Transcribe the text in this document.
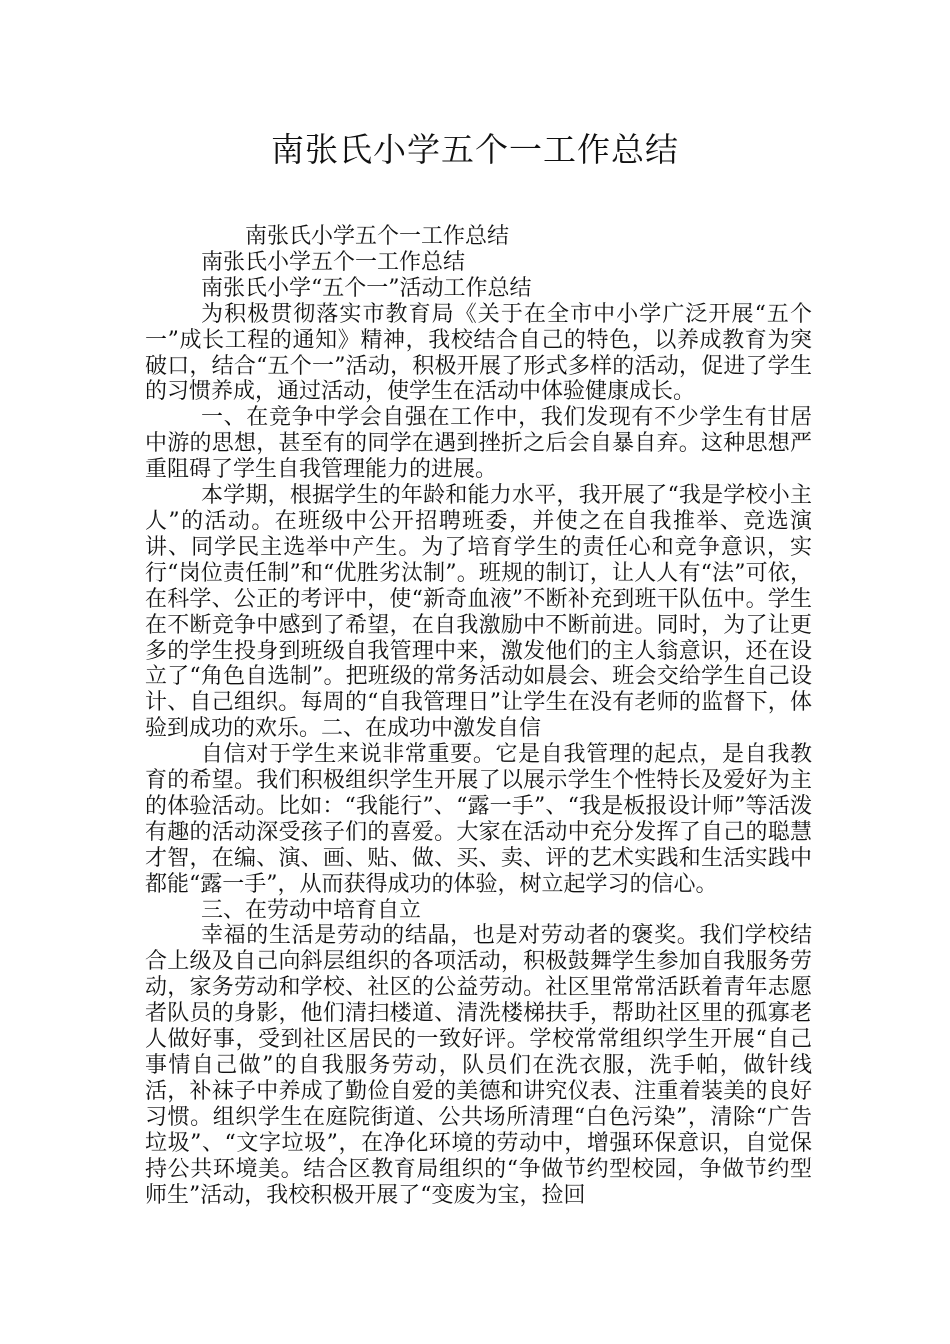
南张氏小学五个一工作总结

南张氏小学五个一工作总结

南张氏小学五个一工作总结

南张氏小学“五个一”活动工作总结

为积极贯彻落实市教育局《关于在全市中小学广泛开展“五个一”成长工程的通知》精神，我校结合自己的特色，以养成教育为突破口，结合“五个一”活动，积极开展了形式多样的活动，促进了学生的习惯养成，通过活动，使学生在活动中体验健康成长。

一、在竞争中学会自强在工作中，我们发现有不少学生有甘居中游的思想，甚至有的同学在遇到挫折之后会自暴自弃。这种思想严重阻碍了学生自我管理能力的进展。

本学期，根据学生的年龄和能力水平，我开展了“我是学校小主人”的活动。在班级中公开招聘班委，并使之在自我推举、竞选演讲、同学民主选举中产生。为了培育学生的责任心和竞争意识，实行“岗位责任制”和“优胜劣汰制”。班规的制订，让人人有“法”可依，在科学、公正的考评中，使“新奇血液”不断补充到班干队伍中。学生在不断竞争中感到了希望，在自我激励中不断前进。同时，为了让更多的学生投身到班级自我管理中来，激发他们的主人翁意识，还在设立了“角色自选制”。把班级的常务活动如晨会、班会交给学生自己设计、自己组织。每周的“自我管理日”让学生在没有老师的监督下，体验到成功的欢乐。二、在成功中激发自信

自信对于学生来说非常重要。它是自我管理的起点，是自我教育的希望。我们积极组织学生开展了以展示学生个性特长及爱好为主的体验活动。比如：“我能行”、“露一手”、“我是板报设计师”等活泼有趣的活动深受孩子们的喜爱。大家在活动中充分发挥了自己的聪慧才智，在编、演、画、贴、做、买、卖、评的艺术实践和生活实践中都能“露一手”，从而获得成功的体验，树立起学习的信心。

三、在劳动中培育自立

幸福的生活是劳动的结晶，也是对劳动者的褒奖。我们学校结合上级及自己向斜层组织的各项活动，积极鼓舞学生参加自我服务劳动，家务劳动和学校、社区的公益劳动。社区里常常活跃着青年志愿者队员的身影，他们清扫楼道、清洗楼梯扶手，帮助社区里的孤寡老人做好事，受到社区居民的一致好评。学校常常组织学生开展“自己事情自己做”的自我服务劳动，队员们在洗衣服，洗手帕，做针线活，补袜子中养成了勤俭自爱的美德和讲究仪表、注重着装美的良好习惯。组织学生在庭院街道、公共场所清理“白色污染”，清除“广告垃圾”、“文字垃圾”，在净化环境的劳动中，增强环保意识，自觉保持公共环境美。结合区教育局组织的“争做节约型校园，争做节约型师生”活动，我校积极开展了“变废为宝，捡回
